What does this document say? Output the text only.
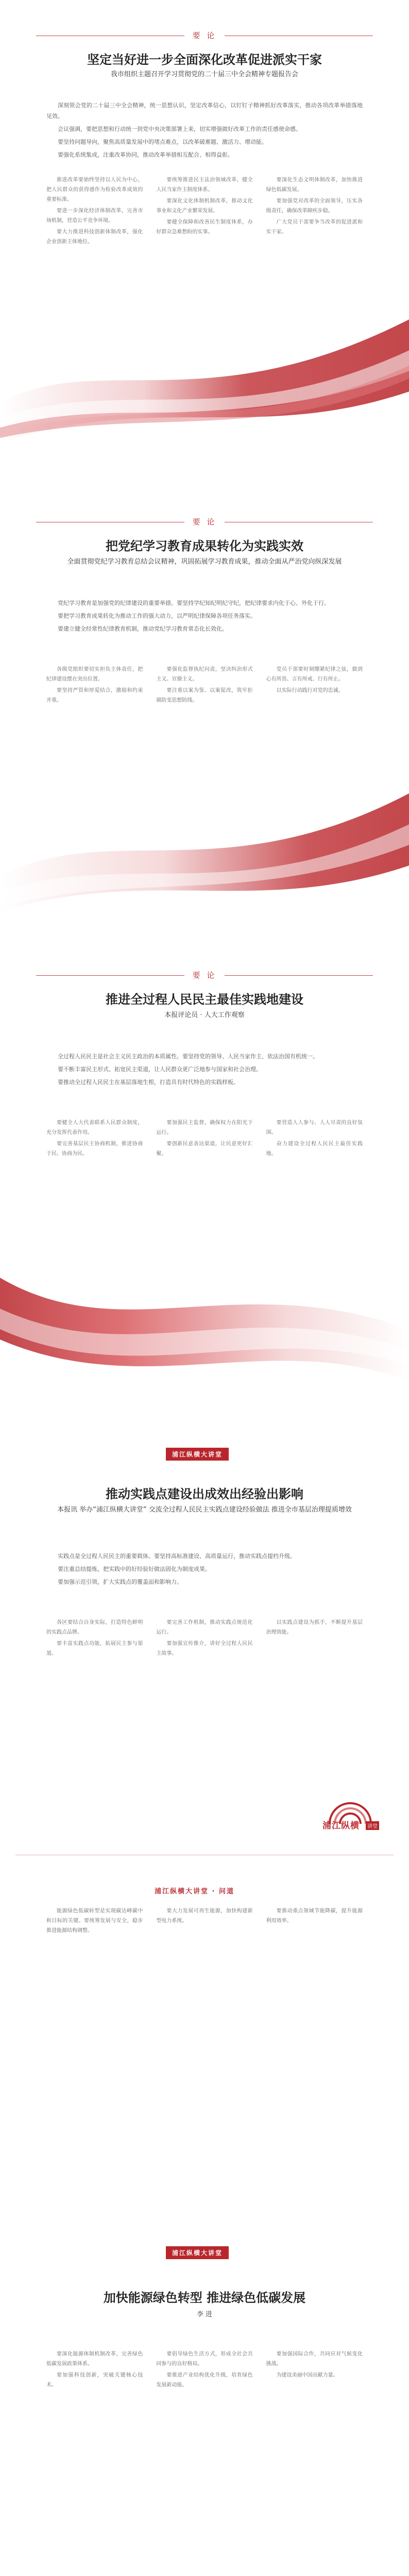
要 论
坚定当好进一步全面深化改革促进派实干家
我市组织主题召开学习贯彻党的二十届三中全会精神专题报告会

深刻领会党的二十届三中全会精神，统一思想认识，坚定改革信心，以钉钉子精神抓好改革落实，推动各项改革举措落地见效。

会议强调，要把思想和行动统一到党中央决策部署上来，切实增强做好改革工作的责任感使命感。

要坚持问题导向，聚焦高质量发展中的堵点难点，以改革破难题、激活力、增动能。

要强化系统集成，注重改革协同，推动改革举措相互配合、相得益彰。

推进改革要始终坚持以人民为中心，把人民群众的获得感作为检验改革成效的重要标准。

要进一步深化经济体制改革，完善市场机制，营造公平竞争环境。

要大力推进科技创新体制改革，强化企业创新主体地位。

要统筹推进民主法治领域改革，健全人民当家作主制度体系。

要深化文化体制机制改革，推动文化事业和文化产业繁荣发展。

要健全保障和改善民生制度体系，办好群众急难愁盼的实事。

要深化生态文明体制改革，加快推进绿色低碳发展。

要加强党对改革的全面领导，压实各级责任，确保改革蹄疾步稳。

广大党员干部要争当改革的促进派和实干家。

要 论
把党纪学习教育成果转化为实践实效
全面贯彻党纪学习教育总结会议精神，巩固拓展学习教育成果，推动全面从严治党向纵深发展

党纪学习教育是加强党的纪律建设的重要举措。要坚持学纪知纪明纪守纪，把纪律要求内化于心、外化于行。

要把学习教育成果转化为推动工作的强大动力，以严明纪律保障各项任务落实。

要建立健全经常性纪律教育机制，推动党纪学习教育常态化长效化。

各级党组织要切实担负主体责任，把纪律建设摆在突出位置。

要坚持严管和厚爱结合，激励和约束并重。

要强化监督执纪问责，坚决纠治形式主义、官僚主义。

要注重以案为鉴、以案促改，筑牢拒腐防变思想防线。

党员干部要时刻绷紧纪律之弦，做到心有所畏、言有所戒、行有所止。

以实际行动践行对党的忠诚。

要 论
推进全过程人民民主最佳实践地建设
本报评论员 · 人大工作观察

全过程人民民主是社会主义民主政治的本质属性。要坚持党的领导、人民当家作主、依法治国有机统一。

要不断丰富民主形式、拓宽民主渠道，让人民群众更广泛地参与国家和社会治理。

要推动全过程人民民主在基层落地生根，打造具有时代特色的实践样板。

要健全人大代表联系人民群众制度，充分发挥代表作用。

要完善基层民主协商机制，推进协商于民、协商为民。

要加强民主监督，确保权力在阳光下运行。

要创新民意表达渠道，让民意更好汇聚。

要营造人人参与、人人尽责的良好氛围。

奋力建设全过程人民民主最佳实践地。

浦江纵横大讲堂
推动实践点建设出成效出经验出影响
本报讯 举办“浦江纵横大讲堂” 交流全过程人民民主实践点建设经验做法 推进全市基层治理提质增效

实践点是全过程人民民主的重要载体。要坚持高标准建设、高质量运行，推动实践点提档升级。

要注重总结提炼，把实践中的好经验好做法固化为制度成果。

要加强示范引领，扩大实践点的覆盖面和影响力。

各区要结合自身实际，打造特色鲜明的实践点品牌。

要丰富实践点功能，拓展民主参与渠道。

要完善工作机制，推动实践点规范化运行。

要加强宣传推介，讲好全过程人民民主故事。

以实践点建设为抓手，不断提升基层治理效能。

浦江纵横	讲堂
浦江纵横大讲堂 · 问道

能源绿色低碳转型是实现碳达峰碳中和目标的关键。要统筹发展与安全，稳步推进能源结构调整。

要大力发展可再生能源，加快构建新型电力系统。

要推动重点领域节能降碳，提升能源利用效率。

浦江纵横大讲堂
加快能源绿色转型 推进绿色低碳发展
李 进

要深化能源体制机制改革，完善绿色低碳发展政策体系。

要加强科技创新，突破关键核心技术。

要倡导绿色生活方式，形成全社会共同参与的良好格局。

要推进产业结构优化升级，培育绿色发展新动能。

要加强国际合作，共同应对气候变化挑战。

为建设美丽中国贡献力量。
